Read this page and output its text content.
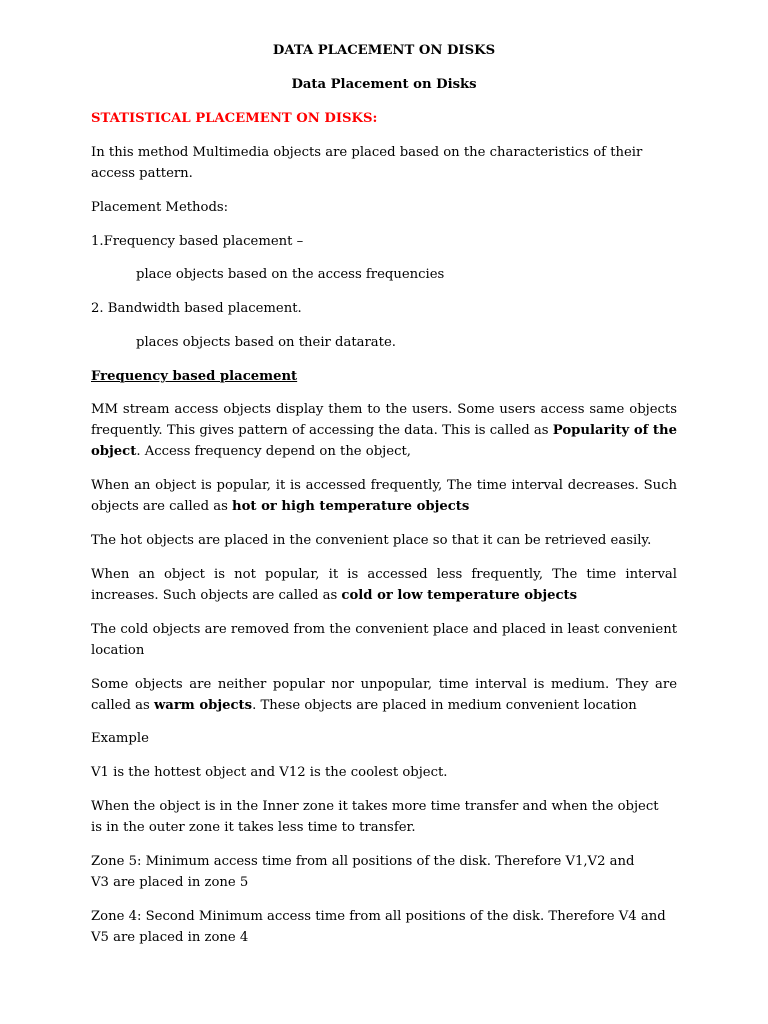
DATA PLACEMENT ON DISKS

Data Placement on Disks

STATISTICAL PLACEMENT ON DISKS:

In this method Multimedia objects are placed based on the characteristics of their access pattern.

Placement Methods:

1.Frequency based placement –

place objects based on the access frequencies

2. Bandwidth based placement.

places objects based on their datarate.

Frequency based placement

MM stream access objects display them to the users. Some users access same objects frequently. This gives pattern of accessing the data. This is called as Popularity of the object. Access frequency depend on the object,

When an object is popular, it is accessed frequently, The time interval decreases. Such objects are called as hot or high temperature objects

The hot objects are placed in the convenient place so that it can be retrieved easily.

When an object is not popular, it is accessed less frequently, The time interval increases. Such objects are called as cold or low temperature objects

The cold objects are removed from the convenient place and placed in least convenient location

Some objects are neither popular nor unpopular, time interval is medium. They are called as warm objects. These objects are placed in medium convenient location

Example

V1 is the hottest object and V12 is the coolest object.

When the object is in the Inner zone it takes more time transfer and when the object is in the outer zone it takes less time to transfer.

Zone 5: Minimum access time from all positions of the disk. Therefore V1,V2 and V3 are placed in zone 5

Zone 4: Second Minimum access time from all positions of the disk. Therefore V4 and V5 are placed in zone 4
